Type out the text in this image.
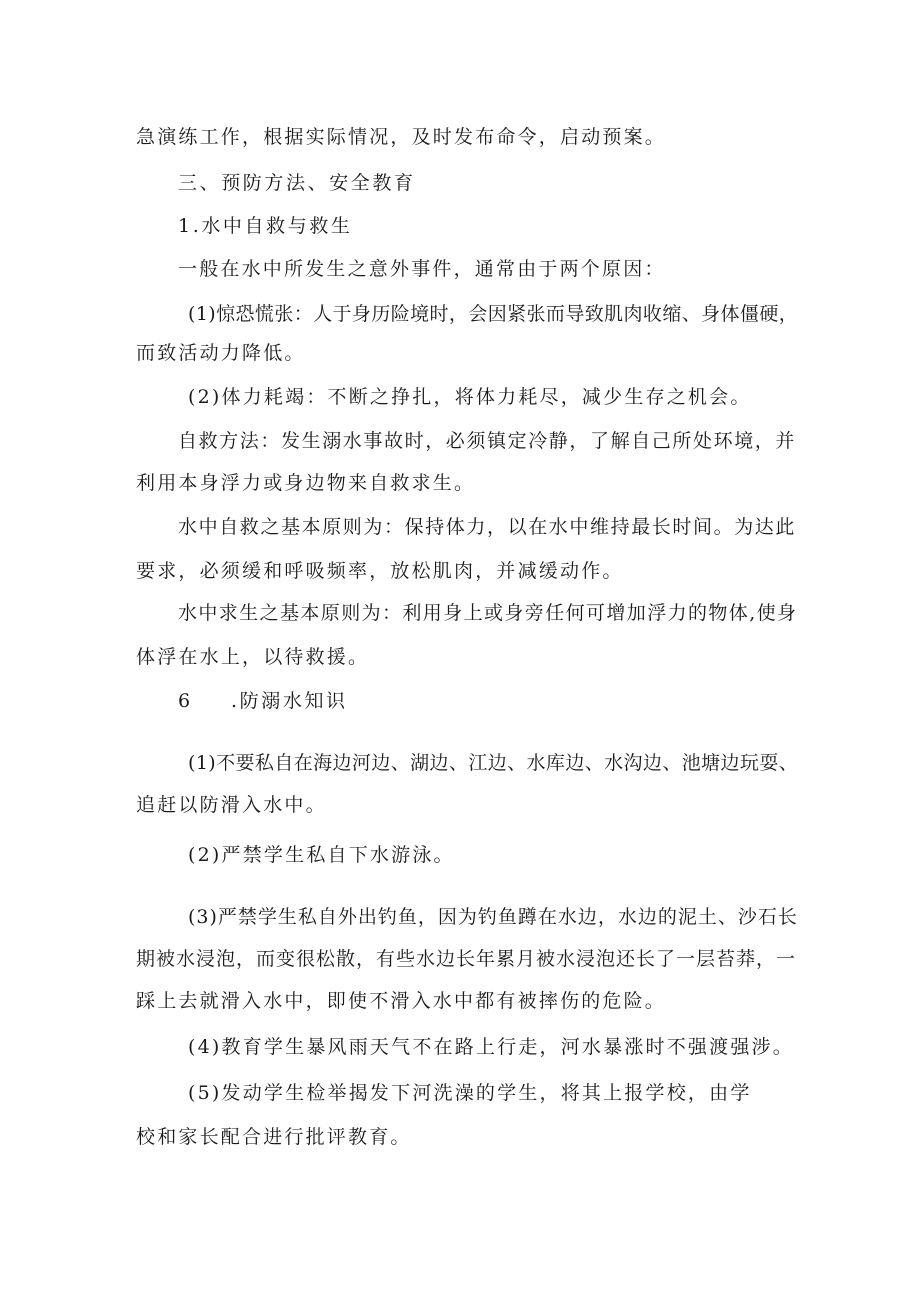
急演练工作，根据实际情况，及时发布命令，启动预案。
三、预防方法、安全教育
1.水中自救与救生
一般在水中所发生之意外事件，通常由于两个原因：
(1)惊恐慌张：人于身历险境时，会因紧张而导致肌肉收缩、身体僵硬，
而致活动力降低。
(2)体力耗竭：不断之挣扎，将体力耗尽，减少生存之机会。
自救方法：发生溺水事故时，必须镇定冷静，了解自己所处环境，并
利用本身浮力或身边物来自救求生。
水中自救之基本原则为：保持体力，以在水中维持最长时间。为达此
要求，必须缓和呼吸频率，放松肌肉，并减缓动作。
水中求生之基本原则为：利用身上或身旁任何可增加浮力的物体,使身
体浮在水上，以待救援。
6 .防溺水知识
(1)不要私自在海边河边、湖边、江边、水库边、水沟边、池塘边玩耍、
追赶以防滑入水中。
(2)严禁学生私自下水游泳。
(3)严禁学生私自外出钓鱼，因为钓鱼蹲在水边，水边的泥土、沙石长
期被水浸泡，而变很松散，有些水边长年累月被水浸泡还长了一层苔莽，一
踩上去就滑入水中，即使不滑入水中都有被摔伤的危险。
(4)教育学生暴风雨天气不在路上行走，河水暴涨时不强渡强涉。
(5)发动学生检举揭发下河洗澡的学生，将其上报学校，由学
校和家长配合进行批评教育。
